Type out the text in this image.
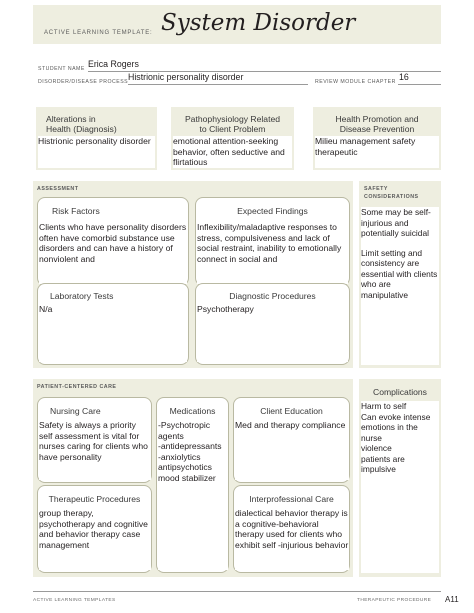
ACTIVE LEARNING TEMPLATE: System Disorder
STUDENT NAME Erica Rogers
DISORDER/DISEASE PROCESS Histrionic personality disorder	REVIEW MODULE CHAPTER 16
Alterations in
Health (Diagnosis)
Histrionic personality disorder
Pathophysiology Related
to Client Problem
emotional attention-seeking behavior, often seductive and flirtatious
Health Promotion and
Disease Prevention
Milieu management safety therapeutic
ASSESSMENT
Risk Factors
Clients who have personality disorders often have comorbid substance use disorders and can have a history of nonviolent and
Expected Findings
Inflexibility/maladaptive responses to stress, compulsiveness and lack of social restraint, inability to emotionally connect in social and
Laboratory Tests
N/a
Diagnostic Procedures
Psychotherapy
SAFETY
CONSIDERATIONS
Some may be self-injurious and potentially suicidal
Limit setting and consistency are essential with clients who are manipulative
PATIENT-CENTERED CARE
Nursing Care
Safety is always a priority self assessment is vital for nurses caring for clients who have personality
Medications
-Psychotropic
agents
-antidepressants
-anxiolytics
antipsychotics
mood stabilizer
Client Education
Med and therapy compliance
Therapeutic Procedures
group therapy, psychotherapy and cognitive and behavior therapy case management
Interprofessional Care
dialectical behavior therapy is a cognitive-behavioral therapy used for clients who exhibit self -injurious behavior
Complications
Harm to self
Can evoke intense
emotions in the
nurse
violence
patients are
impulsive
ACTIVE LEARNING TEMPLATES	THERAPEUTIC PROCEDURE A11
